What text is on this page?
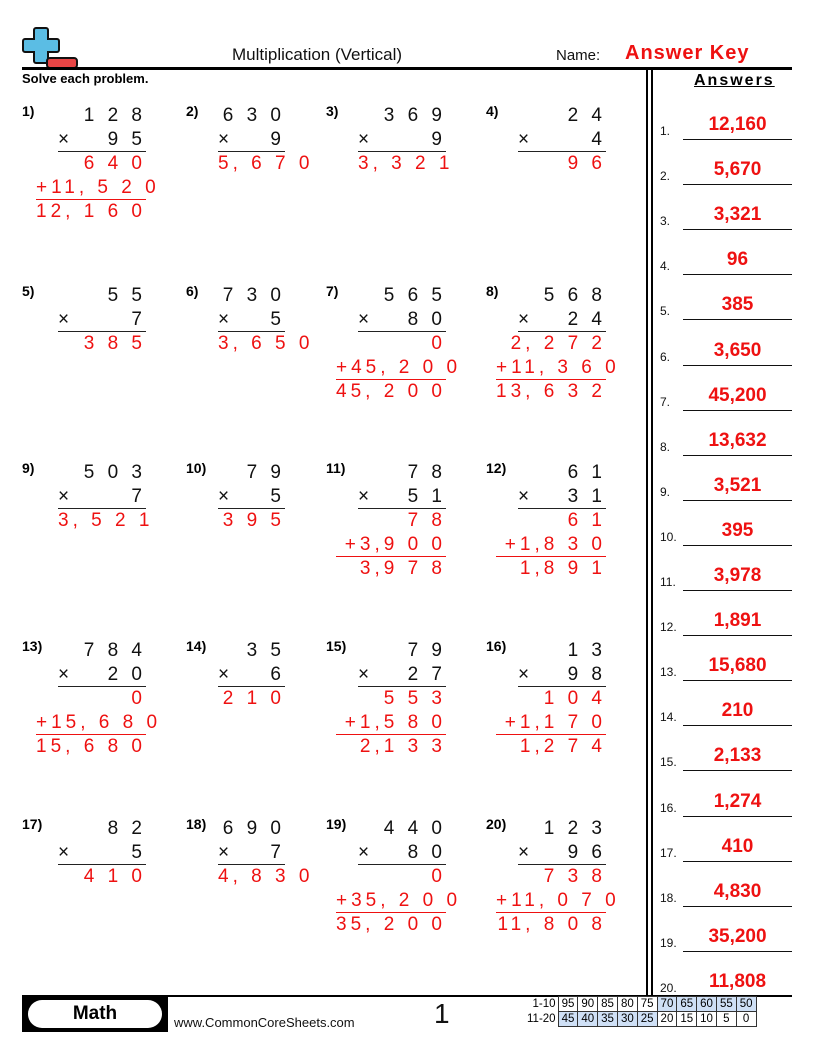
Multiplication (Vertical)	Name: Answer Key
Solve each problem.	Answers
1)	1 2 8
× 9 5
6 4 0
+11, 5 2 0
12, 1 6 0
2) 6 3 0
× 9
5, 6 7 0
3)	3 6 9
×	9
3, 3 2 1
4)	2 4
×	4
9 6
5)	5 5
×	7
3 8 5
6) 7 3 0
× 5
3, 6 5 0
7)	5 6 5
× 8 0
0
+45, 2 0 0
45, 2 0 0
8)	5 6 8
× 2 4
2, 2 7 2
+11, 3 6 0
13, 6 3 2
9)	5 0 3
×	7
3, 5 2 1
10)	7 9
× 5
3 9 5
11)	7 8
× 5 1
7 8
+3,9 0 0
3,9 7 8
12)	6 1
× 3 1
6 1
+1,8 3 0
1,8 9 1
13)	7 8 4
× 2 0
0
+15, 6 8 0
15, 6 8 0
14)	3 5
× 6
2 1 0
15)	7 9
× 2 7
5 5 3
+1,5 8 0
2,1 3 3
16)	1 3
× 9 8
1 0 4
+1,1 7 0
1,2 7 4
17)	8 2
×	5
4 1 0
18) 6 9 0
× 7
4, 8 3 0
19)	4 4 0
× 8 0
0
+35, 2 0 0
35, 2 0 0
20)	1 2 3
× 9 6
7 3 8
+11, 0 7 0
11, 8 0 8
1.	12,160
2.	5,670
3.	3,321
4.	96
5.	385
6.	3,650
7.	45,200
8.	13,632
9.	3,521
10.	395
11.	3,978
12.	1,891
13.	15,680
14.	210
15.	2,133
16.	1,274
17.	410
18.	4,830
19.	35,200
20.	11,808
Math	www.CommonCoreSheets.com	1	1-10	95	90	85	80	75	70	65	60	55	50
11-20	45	40	35	30	25	20	15	10	5	0
